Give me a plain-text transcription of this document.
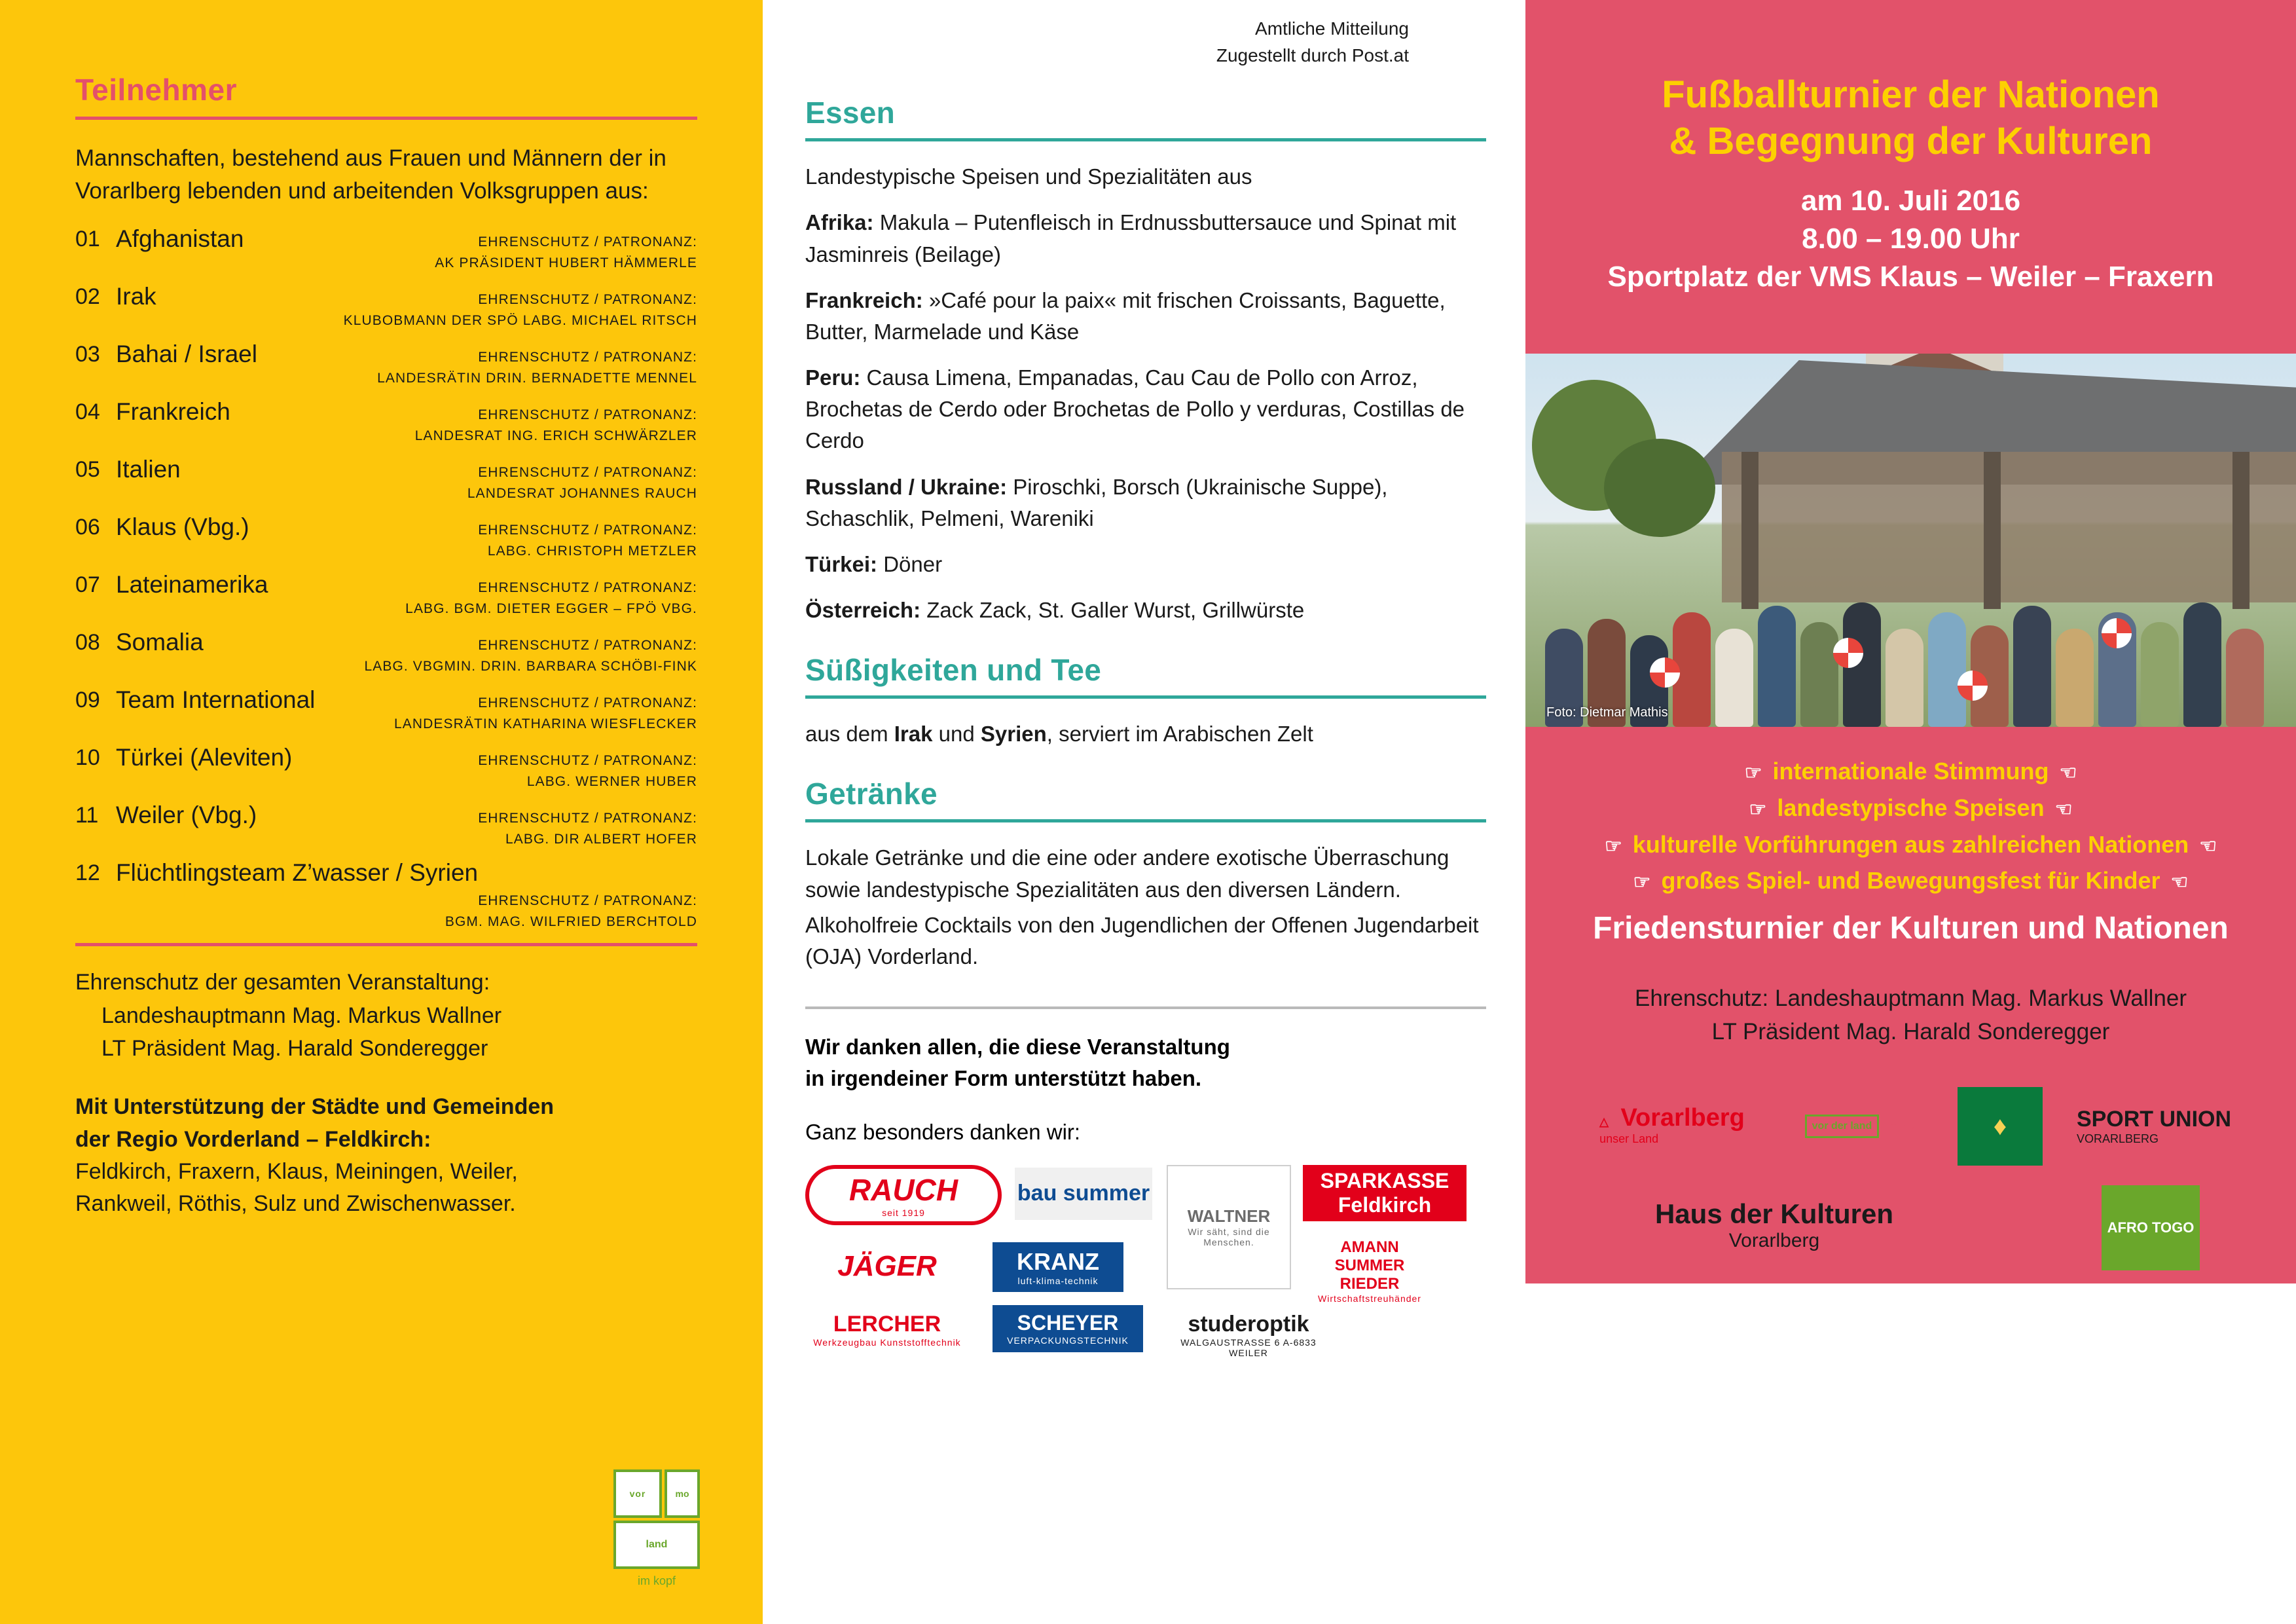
Teilnehmer
Mannschaften, bestehend aus Frauen und Männern der in Vorarlberg lebenden und arbeitenden Volksgruppen aus:
01 Afghanistan	EHRENSCHUTZ / PATRONANZ:
AK PRÄSIDENT HUBERT HÄMMERLE
02 Irak	EHRENSCHUTZ / PATRONANZ:
KLUBOBMANN DER SPÖ LABG. MICHAEL RITSCH
03 Bahai / Israel	EHRENSCHUTZ / PATRONANZ:
LANDESRÄTIN DRIN. BERNADETTE MENNEL
04 Frankreich	EHRENSCHUTZ / PATRONANZ:
LANDESRAT ING. ERICH SCHWÄRZLER
05 Italien	EHRENSCHUTZ / PATRONANZ:
LANDESRAT JOHANNES RAUCH
06 Klaus (Vbg.)	EHRENSCHUTZ / PATRONANZ:
LABG. CHRISTOPH METZLER
07 Lateinamerika	EHRENSCHUTZ / PATRONANZ:
LABG. BGM. DIETER EGGER – FPÖ VBG.
08 Somalia	EHRENSCHUTZ / PATRONANZ:
LABG. VBGMIN. DRIN. BARBARA SCHÖBI-FINK
09 Team International	EHRENSCHUTZ / PATRONANZ:
LANDESRÄTIN KATHARINA WIESFLECKER
10 Türkei (Aleviten)	EHRENSCHUTZ / PATRONANZ:
LABG. WERNER HUBER
11 Weiler (Vbg.)	EHRENSCHUTZ / PATRONANZ:
LABG. DIR ALBERT HOFER
12 Flüchtlingsteam Z’wasser / Syrien
EHRENSCHUTZ / PATRONANZ:
BGM. MAG. WILFRIED BERCHTOLD
Ehrenschutz der gesamten Veranstaltung:
Landeshauptmann Mag. Markus Wallner
LT Präsident Mag. Harald Sonderegger
Mit Unterstützung der Städte und Gemeinden
der Regio Vorderland – Feldkirch:
Feldkirch, Fraxern, Klaus, Meiningen, Weiler, Rankweil, Röthis, Sulz und Zwischenwasser.
vor	mo
land
im kopf
Amtliche Mitteilung
Zugestellt durch Post.at
Essen
Landestypische Speisen und Spezialitäten aus
Afrika: Makula – Putenfleisch in Erdnussbuttersauce und Spinat mit Jasminreis (Beilage)
Frankreich: »Café pour la paix« mit frischen Croissants, Baguette, Butter, Marmelade und Käse
Peru: Causa Limena, Empanadas, Cau Cau de Pollo con Arroz, Brochetas de Cerdo oder Brochetas de Pollo y verduras, Costillas de Cerdo
Russland / Ukraine: Piroschki, Borsch (Ukrainische Suppe), Schaschlik, Pelmeni, Wareniki
Türkei: Döner
Österreich: Zack Zack, St. Galler Wurst, Grillwürste
Süßigkeiten und Tee
aus dem Irak und Syrien, serviert im Arabischen Zelt
Getränke
Lokale Getränke und die eine oder andere exotische Überraschung sowie landestypische Spezialitäten aus den diversen Ländern.
Alkoholfreie Cocktails von den Jugendlichen der Offenen Jugendarbeit (OJA) Vorderland.
Wir danken allen, die diese Veranstaltung
in irgendeiner Form unterstützt haben.
Ganz besonders danken wir:
RAUCH
seit 1919
bau summer
WALTNER
Wir säht, sind die Menschen.
SPARKASSE Feldkirch
JÄGER	KRANZ
luft-klima-technik
AMANN SUMMER RIEDER
Wirtschaftstreuhänder
LERCHER
Werkzeugbau Kunststofftechnik
SCHEYER
VERPACKUNGSTECHNIK
studeroptik
WALGAUSTRASSE 6 A-6833 WEILER
Fußballturnier der Nationen
& Begegnung der Kulturen
am 10. Juli 2016
8.00 – 19.00 Uhr
Sportplatz der VMS Klaus – Weiler – Fraxern
Foto: Dietmar Mathis
☞ internationale Stimmung ☜
☞ landestypische Speisen ☜
☞ kulturelle Vorführungen aus zahlreichen Nationen ☜
☞ großes Spiel- und Bewegungsfest für Kinder ☜
Friedensturnier der Kulturen und Nationen
Ehrenschutz: Landeshauptmann Mag. Markus Wallner
LT Präsident Mag. Harald Sonderegger
△ Vorarlberg
unser Land
vor der land	mo bil	♦	SPORT UNION
VORARLBERG
AFRO TOGO
Haus der Kulturen
Vorarlberg
